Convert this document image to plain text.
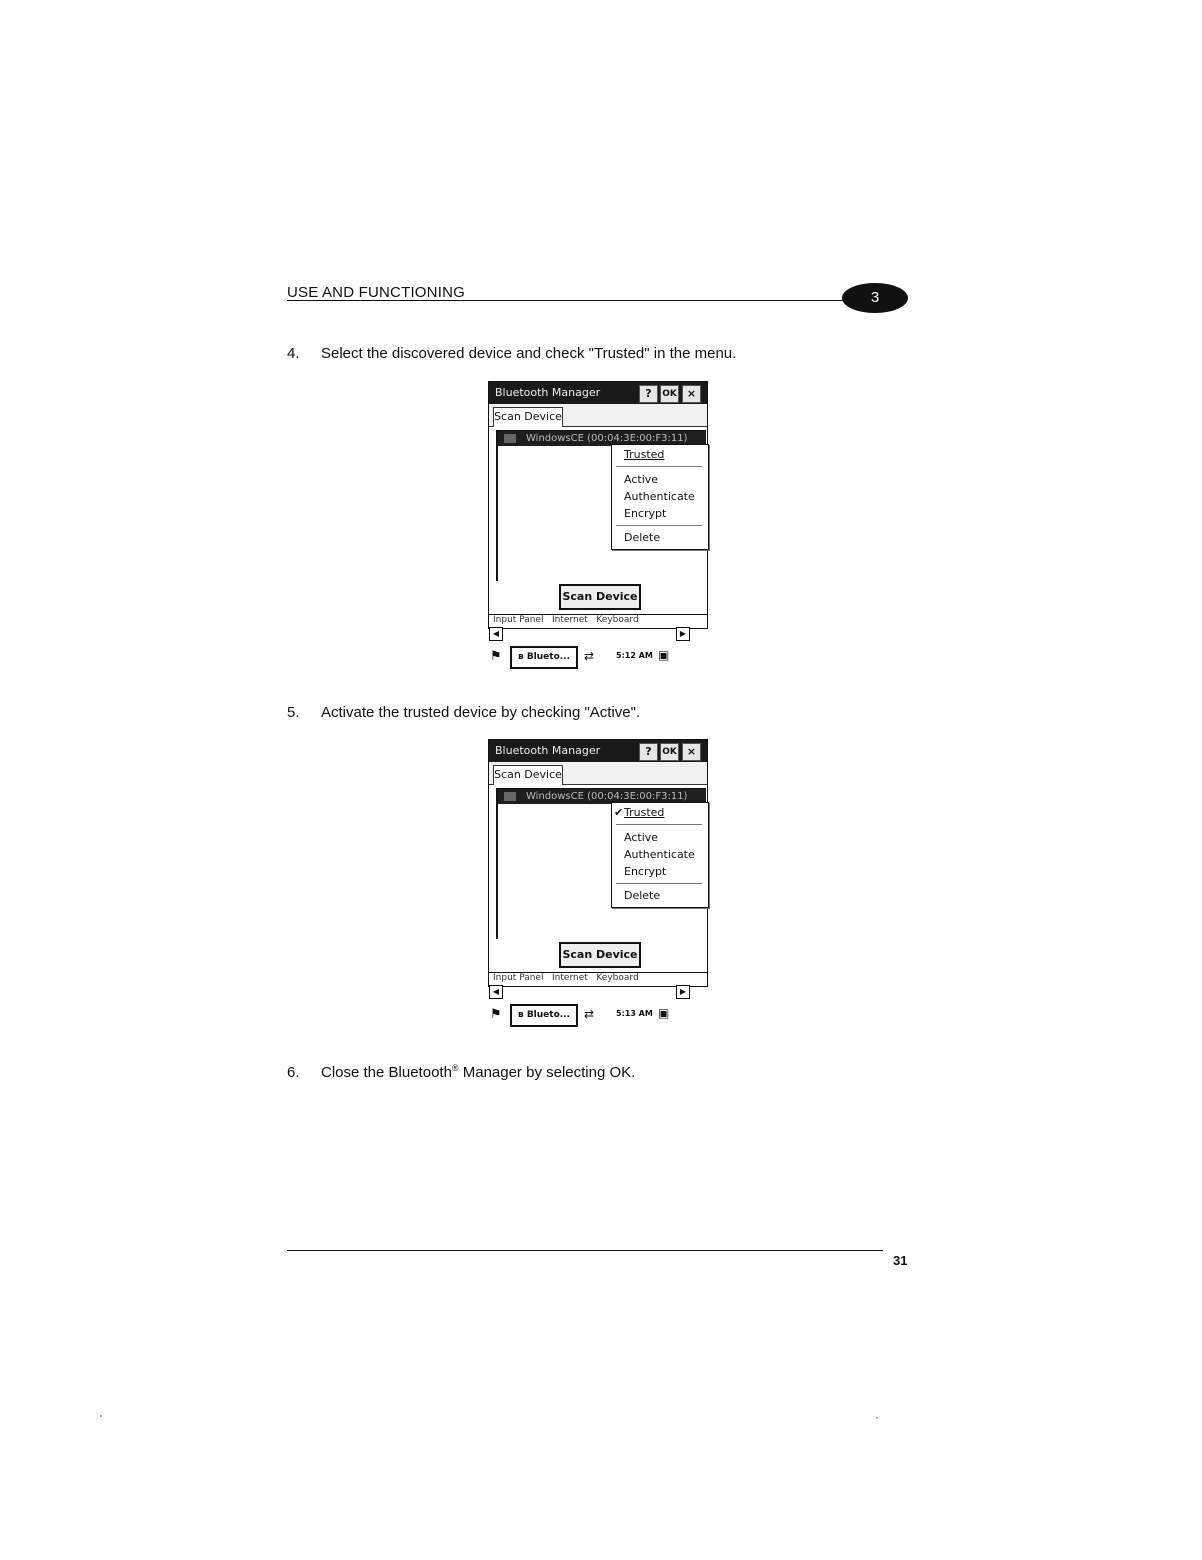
USE AND FUNCTIONING	3
4. Select the discovered device and check "Trusted" in the menu.
Bluetooth Manager	?	OK ×
Scan Device
WindowsCE (00:04:3E:00:F3:11)
Trusted
Active
Authenticate
Encrypt
Delete
Scan Device
Input Panel   Internet   Keyboard
◀	▶
⚑	ʙ Blueto...	⇄	5:12 AM ▣
5. Activate the trusted device by checking "Active".
Bluetooth Manager	?	OK ×
Scan Device
WindowsCE (00:04:3E:00:F3:11)
✔ Trusted
Active
Authenticate
Encrypt
Delete
Scan Device
Input Panel   Internet   Keyboard
◀	▶
⚑	ʙ Blueto...	⇄	5:13 AM ▣
6. Close the Bluetooth® Manager by selecting OK.
31
